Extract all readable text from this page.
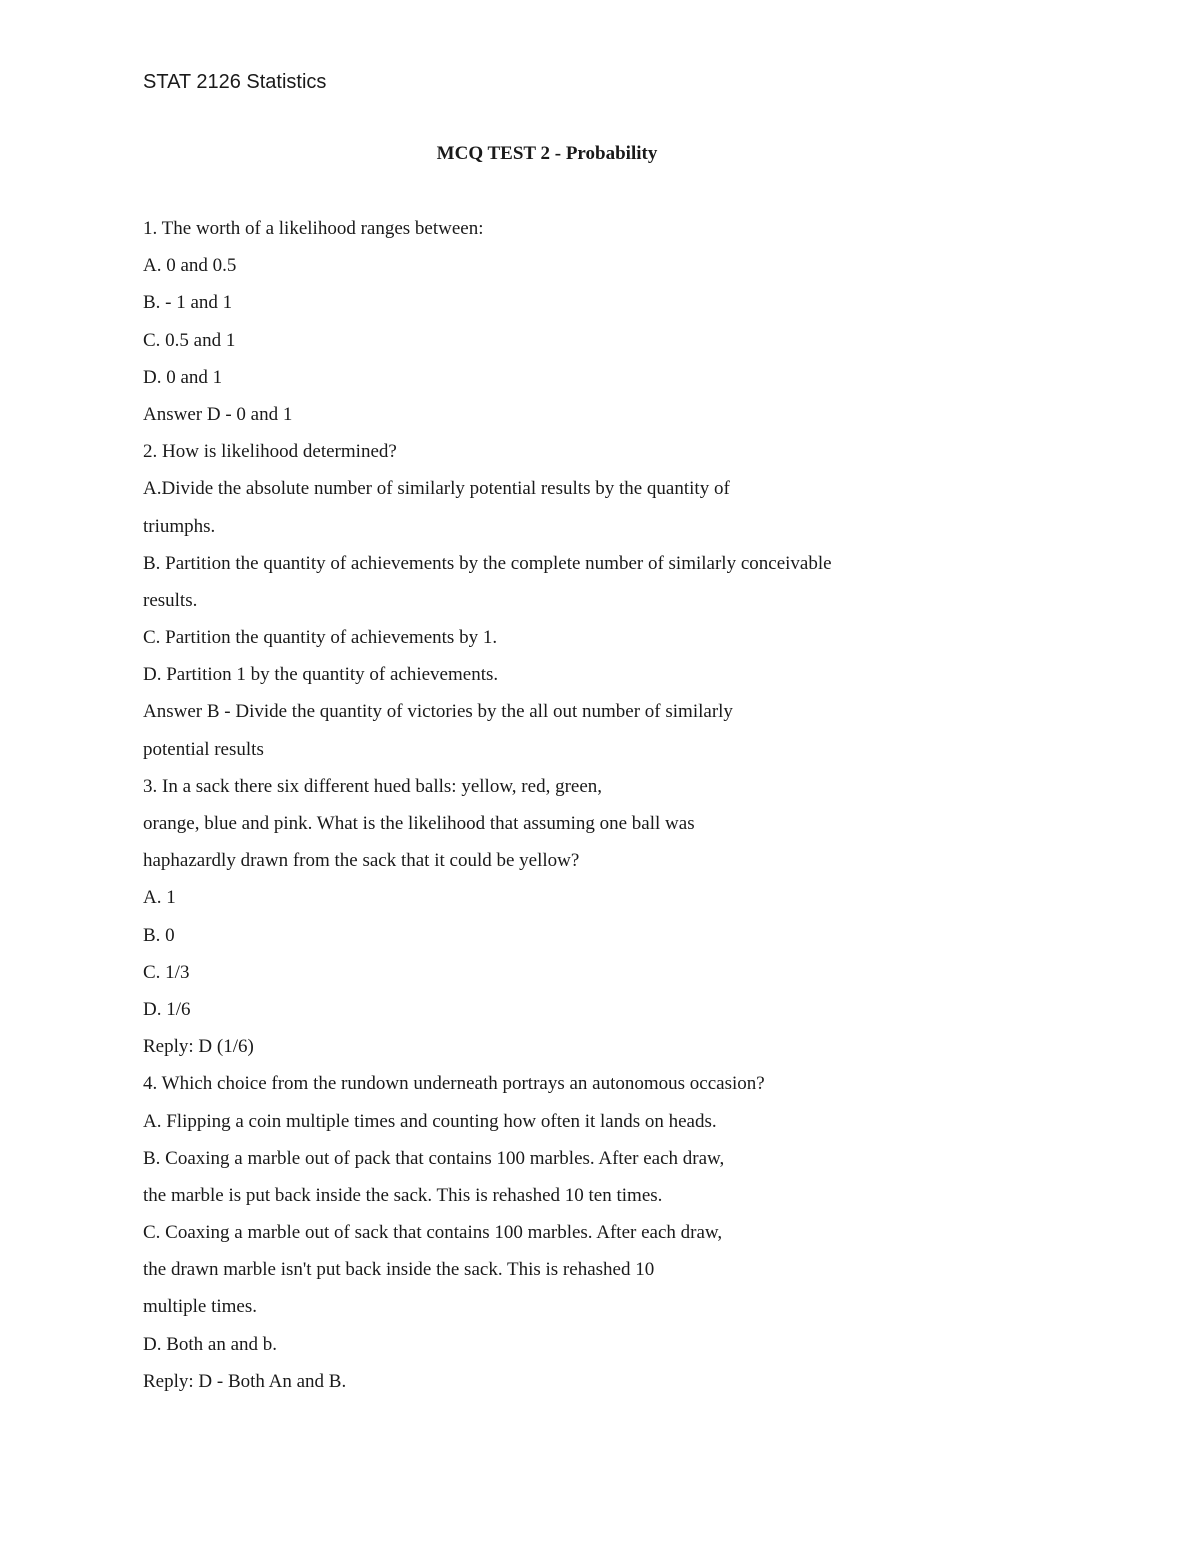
STAT 2126 Statistics
MCQ TEST 2 - Probability
1. The worth of a likelihood ranges between:
A. 0 and 0.5
B. - 1 and 1
C. 0.5 and 1
D. 0 and 1
Answer D - 0 and 1
2. How is likelihood determined?
A.Divide the absolute number of similarly potential results by the quantity of
triumphs.
B. Partition the quantity of achievements by the complete number of similarly conceivable
results.
C. Partition the quantity of achievements by 1.
D. Partition 1 by the quantity of achievements.
Answer B - Divide the quantity of victories by the all out number of similarly
potential results
3. In a sack there six different hued balls: yellow, red, green,
orange, blue and pink. What is the likelihood that assuming one ball was
haphazardly drawn from the sack that it could be yellow?
A. 1
B. 0
C. 1/3
D. 1/6
Reply: D (1/6)
4. Which choice from the rundown underneath portrays an autonomous occasion?
A. Flipping a coin multiple times and counting how often it lands on heads.
B. Coaxing a marble out of pack that contains 100 marbles. After each draw,
the marble is put back inside the sack. This is rehashed 10 ten times.
C. Coaxing a marble out of sack that contains 100 marbles. After each draw,
the drawn marble isn't put back inside the sack. This is rehashed 10
multiple times.
D. Both an and b.
Reply: D - Both An and B.
